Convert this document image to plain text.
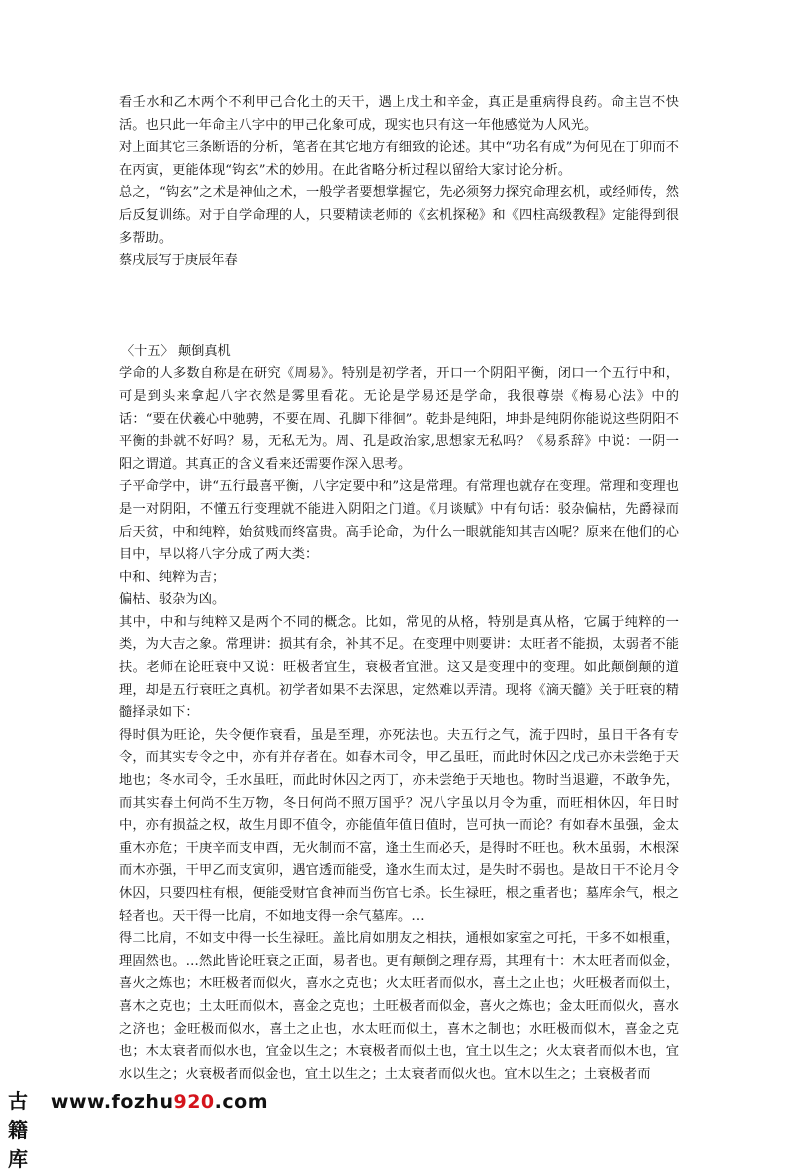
看壬水和乙木两个不利甲己合化土的天干，遇上戊土和辛金，真正是重病得良药。命主岂不快活。也只此一年命主八字中的甲己化象可成，现实也只有这一年他感觉为人风光。

对上面其它三条断语的分析，笔者在其它地方有细致的论述。其中“功名有成”为何见在丁卯而不在丙寅，更能体现“钩玄”术的妙用。在此省略分析过程以留给大家讨论分析。

总之，“钩玄”之术是神仙之术，一般学者要想掌握它，先必须努力探究命理玄机，或经师传，然后反复训练。对于自学命理的人，只要精读老师的《玄机探秘》和《四柱高级教程》定能得到很多帮助。

蔡戌辰写于庚辰年春

〈十五〉 颠倒真机

学命的人多数自称是在研究《周易》。特别是初学者，开口一个阴阳平衡，闭口一个五行中和，可是到头来拿起八字衣然是雾里看花。无论是学易还是学命，我很尊崇《梅易心法》中的话：“要在伏羲心中驰骋，不要在周、孔脚下徘徊”。乾卦是纯阳，坤卦是纯阴你能说这些阴阳不平衡的卦就不好吗？易，无私无为。周、孔是政治家,思想家无私吗？《易系辞》中说：一阴一阳之谓道。其真正的含义看来还需要作深入思考。

子平命学中，讲“五行最喜平衡，八字定要中和”这是常理。有常理也就存在变理。常理和变理也是一对阴阳，不懂五行变理就不能进入阴阳之门道。《月谈赋》中有句话：驳杂偏枯，先爵禄而后天贫，中和纯粹，始贫贱而终富贵。高手论命，为什么一眼就能知其吉凶呢？原来在他们的心目中，早以将八字分成了两大类：

中和、纯粹为吉；

偏枯、驳杂为凶。

其中，中和与纯粹又是两个不同的概念。比如，常见的从格，特别是真从格，它属于纯粹的一类，为大吉之象。常理讲：损其有余，补其不足。在变理中则要讲：太旺者不能损，太弱者不能扶。老师在论旺衰中又说：旺极者宜生，衰极者宜泄。这又是变理中的变理。如此颠倒颠的道理，却是五行衰旺之真机。初学者如果不去深思，定然难以弄清。现将《滴天髓》关于旺衰的精髓择录如下：

得时俱为旺论，失令便作衰看，虽是至理，亦死法也。夫五行之气，流于四时，虽日干各有专令，而其实专令之中，亦有并存者在。如春木司令，甲乙虽旺，而此时休囚之戊己亦未尝绝于天地也；冬水司令，壬水虽旺，而此时休囚之丙丁，亦未尝绝于天地也。物时当退避，不敢争先，而其实春土何尚不生万物，冬日何尚不照万国乎？况八字虽以月令为重，而旺相休囚，年日时中，亦有损益之权，故生月即不值令，亦能值年值日值时，岂可执一而论？有如春木虽强，金太重木亦危；干庚辛而支申酉，无火制而不富，逢土生而必夭，是得时不旺也。秋木虽弱，木根深而木亦强，干甲乙而支寅卯，遇官透而能受，逢水生而太过，是失时不弱也。是故日干不论月令休囚，只要四柱有根，便能受财官食神而当伤官七杀。长生禄旺，根之重者也；墓库余气，根之轻者也。天干得一比肩，不如地支得一余气墓库。…

得二比肩，不如支中得一长生禄旺。盖比肩如朋友之相扶，通根如家室之可托，干多不如根重，理固然也。…然此皆论旺衰之正面，易者也。更有颠倒之理存焉，其理有十：木太旺者而似金，喜火之炼也；木旺极者而似火，喜水之克也；火太旺者而似水，喜土之止也；火旺极者而似土，喜木之克也；土太旺而似木，喜金之克也；土旺极者而似金，喜火之炼也；金太旺而似火，喜水之济也；金旺极而似水，喜土之止也，水太旺而似土，喜木之制也；水旺极而似木，喜金之克也；木太衰者而似水也，宜金以生之；木衰极者而似土也，宜土以生之；火太衰者而似木也，宜水以生之；火衰极者而似金也，宜土以生之；土太衰者而似火也。宜木以生之；土衰极者而

古籍库
www.fozhu920.com
